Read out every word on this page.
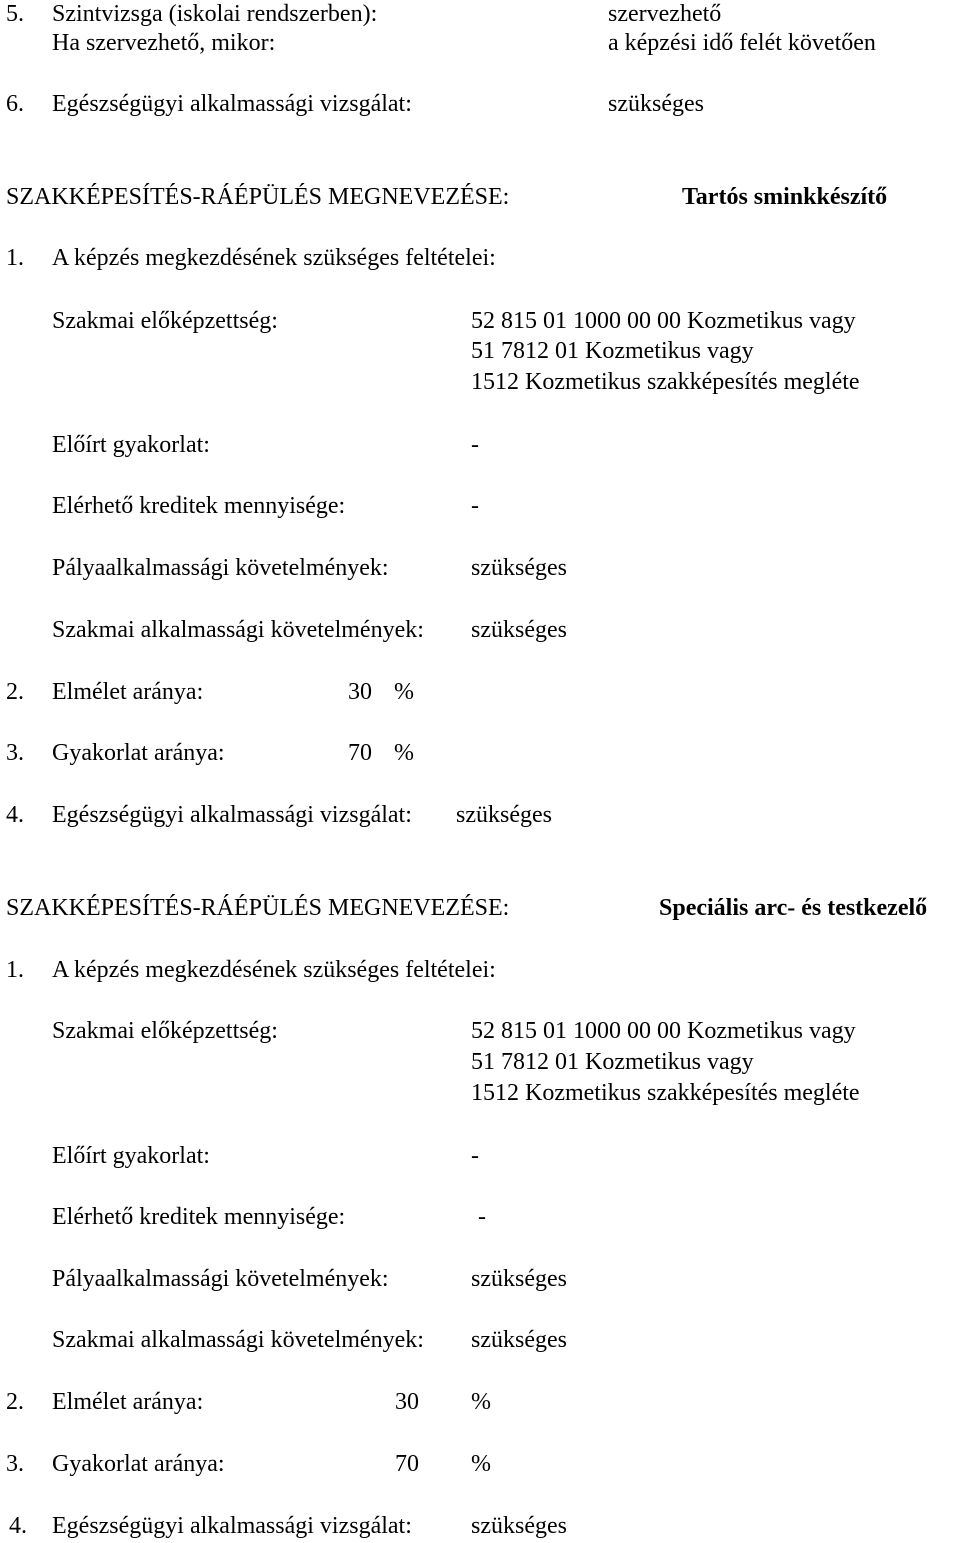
5. Szintvizsga (iskolai rendszerben):	szervezhető
Ha szervezhető, mikor:	a képzési idő felét követően
6. Egészségügyi alkalmassági vizsgálat:	szükséges
SZAKKÉPESÍTÉS-RÁÉPÜLÉS MEGNEVEZÉSE:	Tartós sminkkészítő
1. A képzés megkezdésének szükséges feltételei:
Szakmai előképzettség:	52 815 01 1000 00 00 Kozmetikus vagy
51 7812 01 Kozmetikus vagy
1512 Kozmetikus szakképesítés megléte
Előírt gyakorlat:	-
Elérhető kreditek mennyisége:	-
Pályaalkalmassági követelmények:	szükséges
Szakmai alkalmassági követelmények: szükséges
2. Elmélet aránya:	30 %
3. Gyakorlat aránya:	70 %
4. Egészségügyi alkalmassági vizsgálat: szükséges
SZAKKÉPESÍTÉS-RÁÉPÜLÉS MEGNEVEZÉSE:	Speciális arc- és testkezelő
1. A képzés megkezdésének szükséges feltételei:
Szakmai előképzettség:	52 815 01 1000 00 00 Kozmetikus vagy
51 7812 01 Kozmetikus vagy
1512 Kozmetikus szakképesítés megléte
Előírt gyakorlat:	-
Elérhető kreditek mennyisége:	-
Pályaalkalmassági követelmények:	szükséges
Szakmai alkalmassági követelmények: szükséges
2. Elmélet aránya:	30 %
3. Gyakorlat aránya:	70 %
4. Egészségügyi alkalmassági vizsgálat: szükséges
